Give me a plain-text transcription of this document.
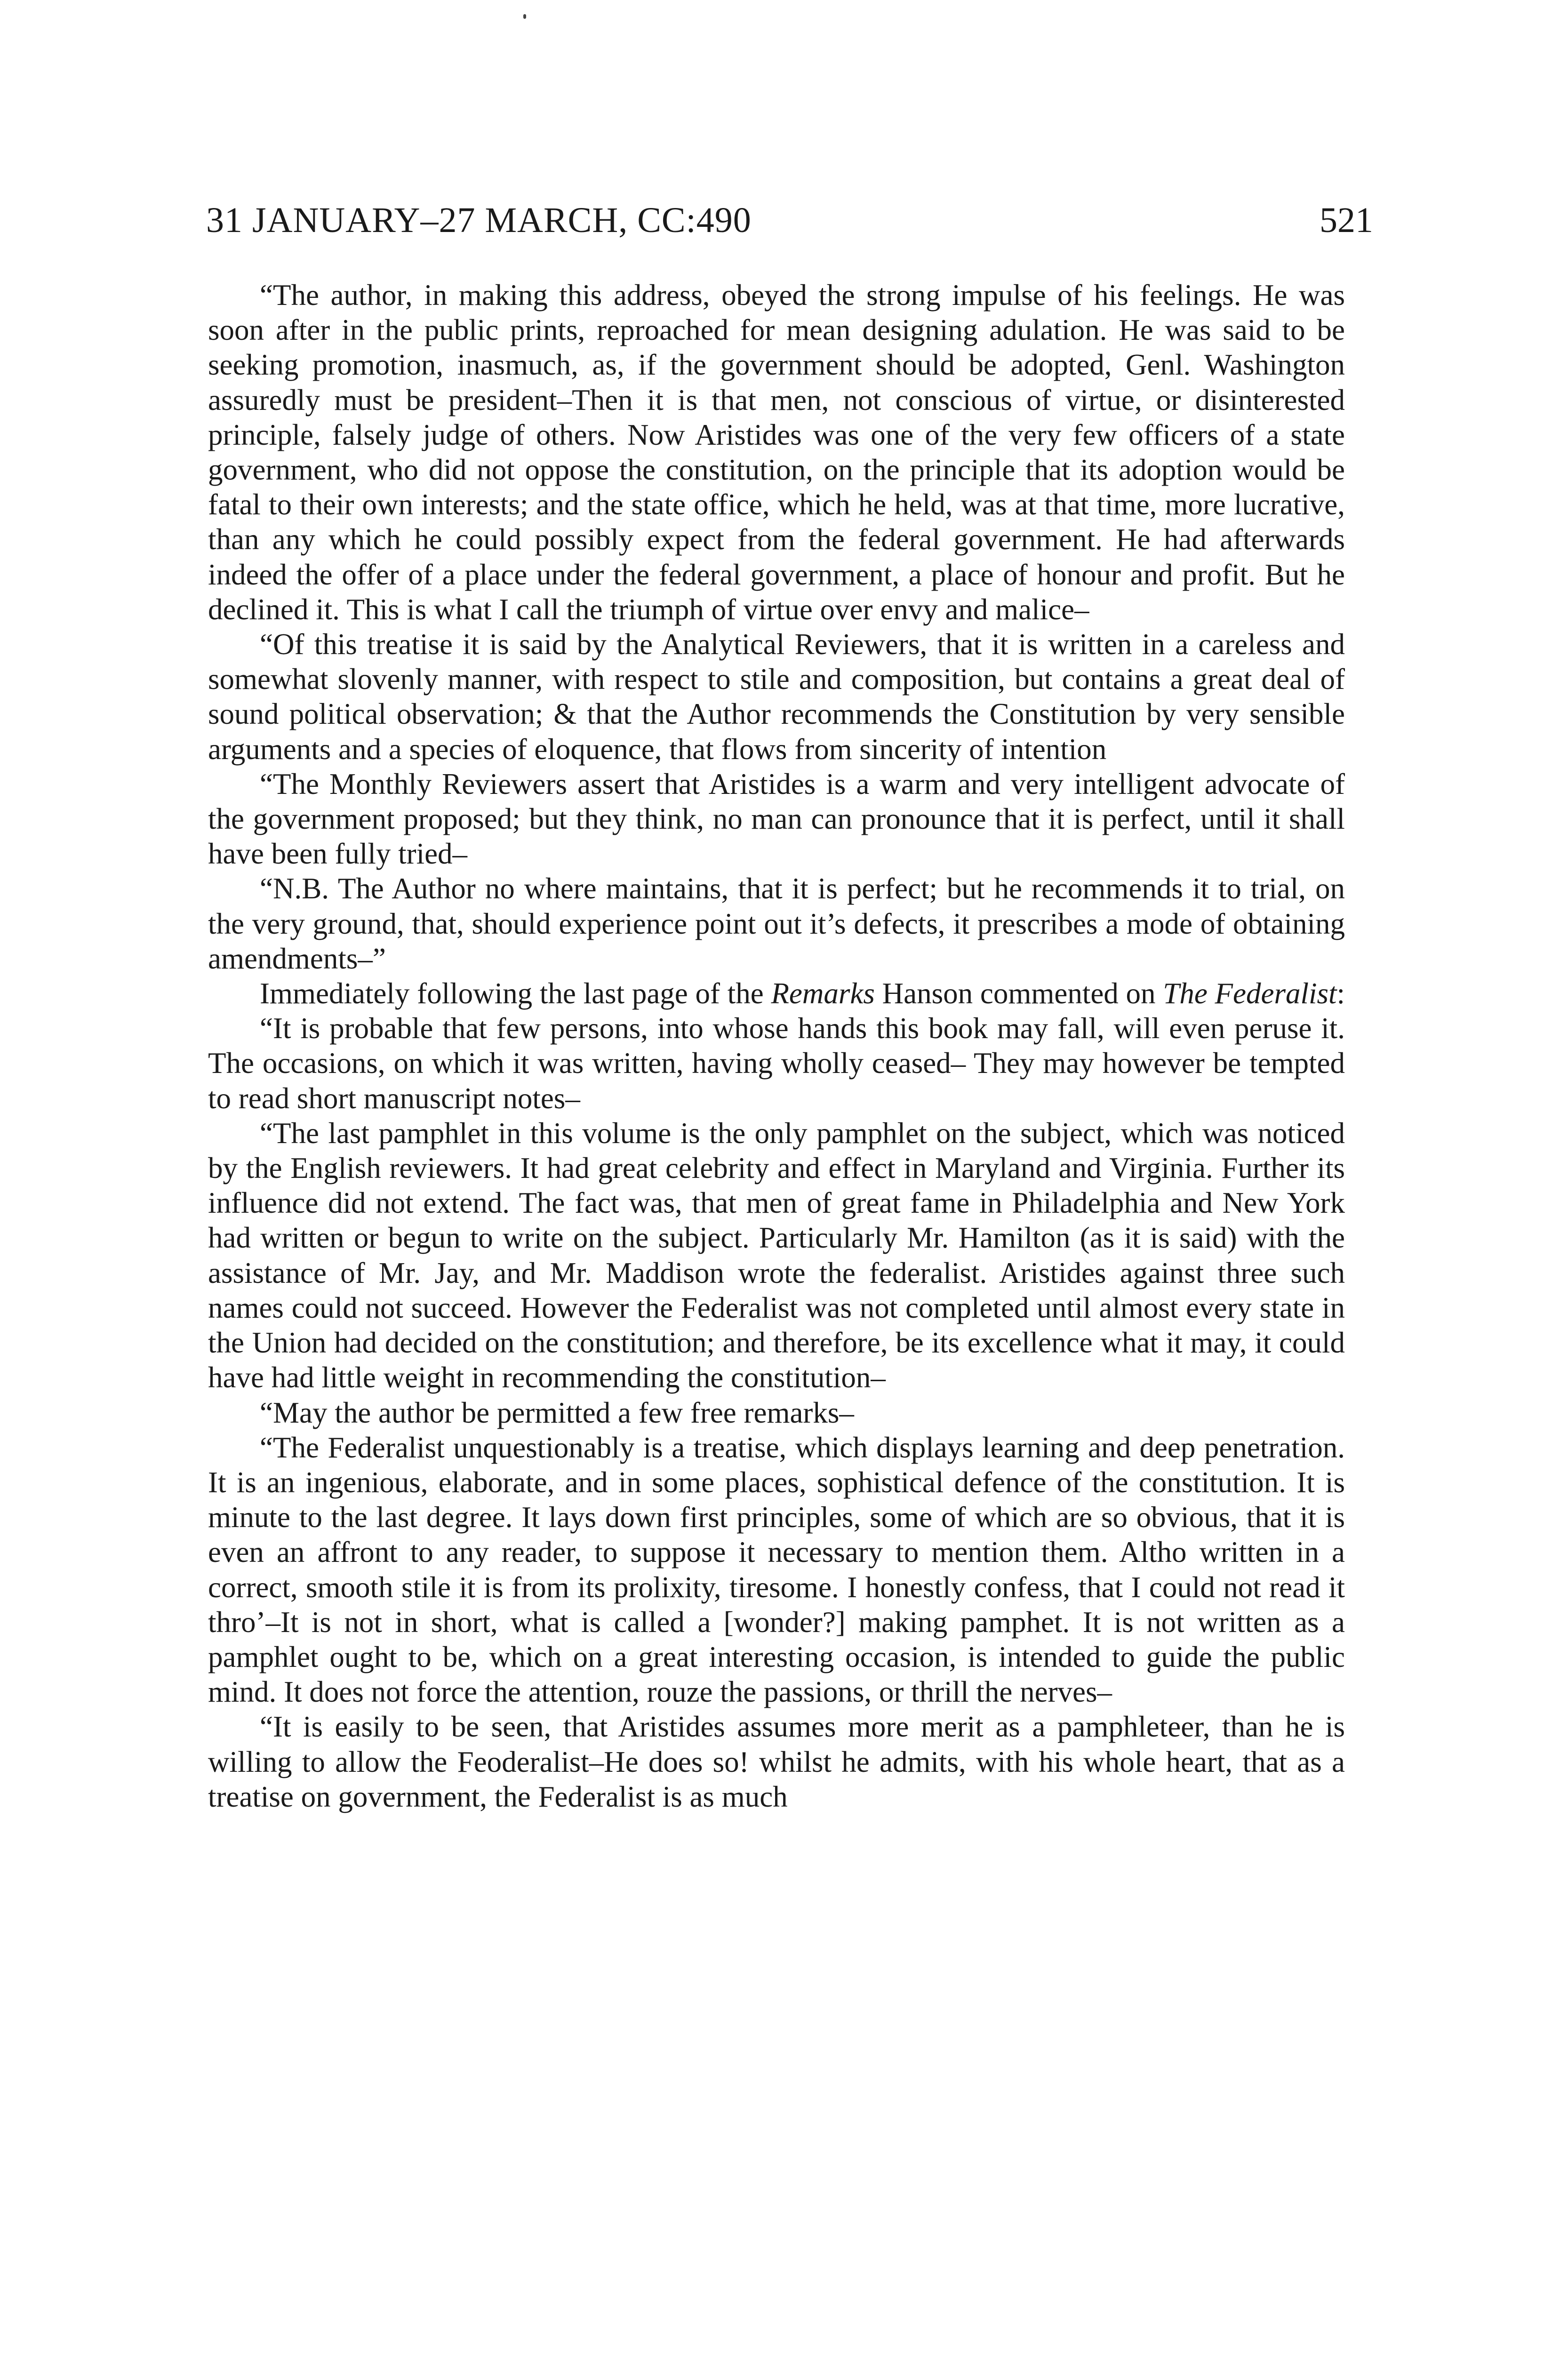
31 JANUARY–27 MARCH, CC:490	521

“The author, in making this address, obeyed the strong impulse of his feelings. He was soon after in the public prints, reproached for mean designing adulation. He was said to be seeking promotion, inasmuch, as, if the government should be adopted, Genl. Washington assuredly must be president–Then it is that men, not conscious of virtue, or disinterested principle, falsely judge of others. Now Aristides was one of the very few officers of a state government, who did not oppose the constitution, on the principle that its adoption would be fatal to their own interests; and the state office, which he held, was at that time, more lucrative, than any which he could possibly expect from the federal government. He had afterwards indeed the offer of a place under the federal government, a place of honour and profit. But he declined it. This is what I call the triumph of virtue over envy and malice–

“Of this treatise it is said by the Analytical Reviewers, that it is written in a careless and somewhat slovenly manner, with respect to stile and composition, but contains a great deal of sound political observation; & that the Author recommends the Constitution by very sensible arguments and a species of eloquence, that flows from sincerity of intention

“The Monthly Reviewers assert that Aristides is a warm and very intelligent advocate of the government proposed; but they think, no man can pronounce that it is perfect, until it shall have been fully tried–

“N.B. The Author no where maintains, that it is perfect; but he recommends it to trial, on the very ground, that, should experience point out it’s defects, it prescribes a mode of obtaining amendments–”

Immediately following the last page of the Remarks Hanson commented on The Federalist:

“It is probable that few persons, into whose hands this book may fall, will even peruse it. The occasions, on which it was written, having wholly ceased– They may however be tempted to read short manuscript notes–

“The last pamphlet in this volume is the only pamphlet on the subject, which was noticed by the English reviewers. It had great celebrity and effect in Maryland and Virginia. Further its influence did not extend. The fact was, that men of great fame in Philadelphia and New York had written or begun to write on the subject. Particularly Mr. Hamilton (as it is said) with the assistance of Mr. Jay, and Mr. Maddison wrote the federalist. Aristides against three such names could not succeed. However the Federalist was not completed until almost every state in the Union had decided on the constitution; and therefore, be its excellence what it may, it could have had little weight in recommending the constitution–

“May the author be permitted a few free remarks–

“The Federalist unquestionably is a treatise, which displays learning and deep penetration. It is an ingenious, elaborate, and in some places, sophistical defence of the constitution. It is minute to the last degree. It lays down first principles, some of which are so obvious, that it is even an affront to any reader, to suppose it necessary to mention them. Altho written in a correct, smooth stile it is from its prolixity, tiresome. I honestly confess, that I could not read it thro’–It is not in short, what is called a [wonder?] making pamphet. It is not written as a pamphlet ought to be, which on a great interesting occasion, is intended to guide the public mind. It does not force the attention, rouze the passions, or thrill the nerves–

“It is easily to be seen, that Aristides assumes more merit as a pamphleteer, than he is willing to allow the Feoderalist–He does so! whilst he admits, with his whole heart, that as a treatise on government, the Federalist is as much
